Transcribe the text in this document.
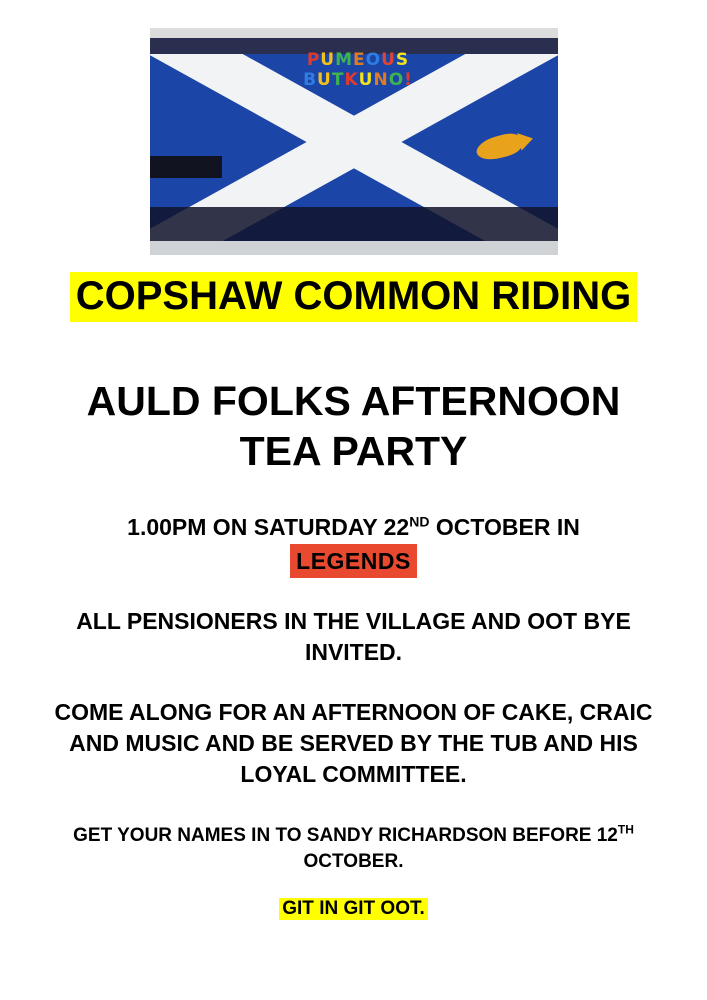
PUMEOUS
BUTKUNO!
COPSHAW COMMON RIDING
AULD FOLKS AFTERNOON
TEA PARTY
1.00PM ON SATURDAY 22ND OCTOBER IN
LEGENDS
ALL PENSIONERS IN THE VILLAGE AND OOT BYE INVITED.
COME ALONG FOR AN AFTERNOON OF CAKE, CRAIC AND MUSIC AND BE SERVED BY THE TUB AND HIS LOYAL COMMITTEE.
GET YOUR NAMES IN TO SANDY RICHARDSON BEFORE 12TH OCTOBER.
GIT IN GIT OOT.
